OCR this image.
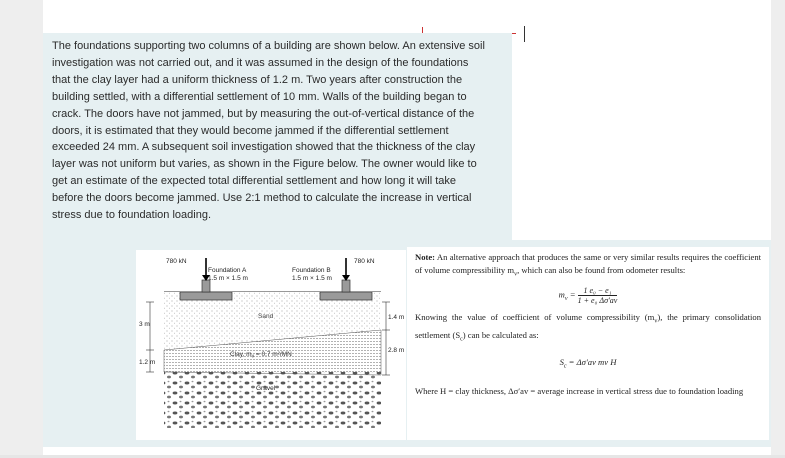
The foundations supporting two columns of a building are shown below. An extensive soil
investigation was not carried out, and it was assumed in the design of the foundations
that the clay layer had a uniform thickness of 1.2 m. Two years after construction the
building settled, with a differential settlement of 10 mm. Walls of the building began to
crack. The doors have not jammed, but by measuring the out-of-vertical distance of the
doors, it is estimated that they would become jammed if the differential settlement
exceeded 24 mm. A subsequent soil investigation showed that the thickness of the clay
layer was not uniform but varies, as shown in the Figure below. The owner would like to
get an estimate of the expected total differential settlement and how long it will take
before the doors become jammed. Use 2:1 method to calculate the increase in vertical
stress due to foundation loading.
780 kN	780 kN
Foundation A
1.5 m × 1.5 m
Foundation B
1.5 m × 1.5 m
Sand
Clay, $m_v = 0.7$ m²/MN
Gravel
3 m
1.2 m
1.4 m
2.8 m

Note: An alternative approach that produces the same or very similar results requires the coefficient of volume compressibility $m_v$, which can also be found from odometer results:

$m_v = \frac{\text{1 e₀ − e₁}}{\text{1 + e₀ Δσ′av}}$

Knowing the value of coefficient of volume compressibility $(m_v)$, the primary consolidation settlement $(S_c)$ can be calculated as:

$S_c = \Delta\sigma'av$ mv H

Where H = clay thickness, Δσ′av = average increase in vertical stress due to foundation loading
